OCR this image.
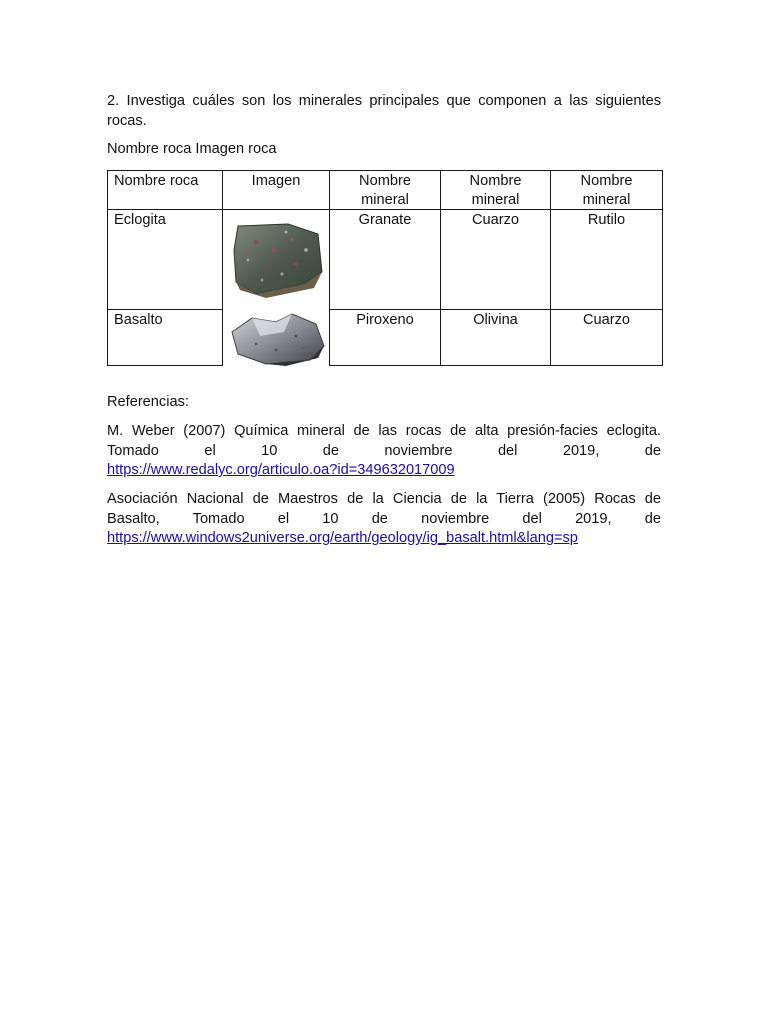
2. Investiga cuáles son los minerales principales que componen a las siguientes rocas.

Nombre roca Imagen roca

Nombre roca	Imagen	Nombre mineral	Nombre mineral	Nombre mineral
Eclogita		Granate	Cuarzo	Rutilo
Basalto		Piroxeno	Olivina	Cuarzo

Referencias:

M. Weber (2007) Química mineral de las rocas de alta presión-facies eclogita.
Tomado el 10 de noviembre del 2019, de
https://www.redalyc.org/articulo.oa?id=349632017009
Asociación Nacional de Maestros de la Ciencia de la Tierra (2005) Rocas de
Basalto, Tomado el 10 de noviembre del 2019, de
https://www.windows2universe.org/earth/geology/ig_basalt.html&lang=sp
